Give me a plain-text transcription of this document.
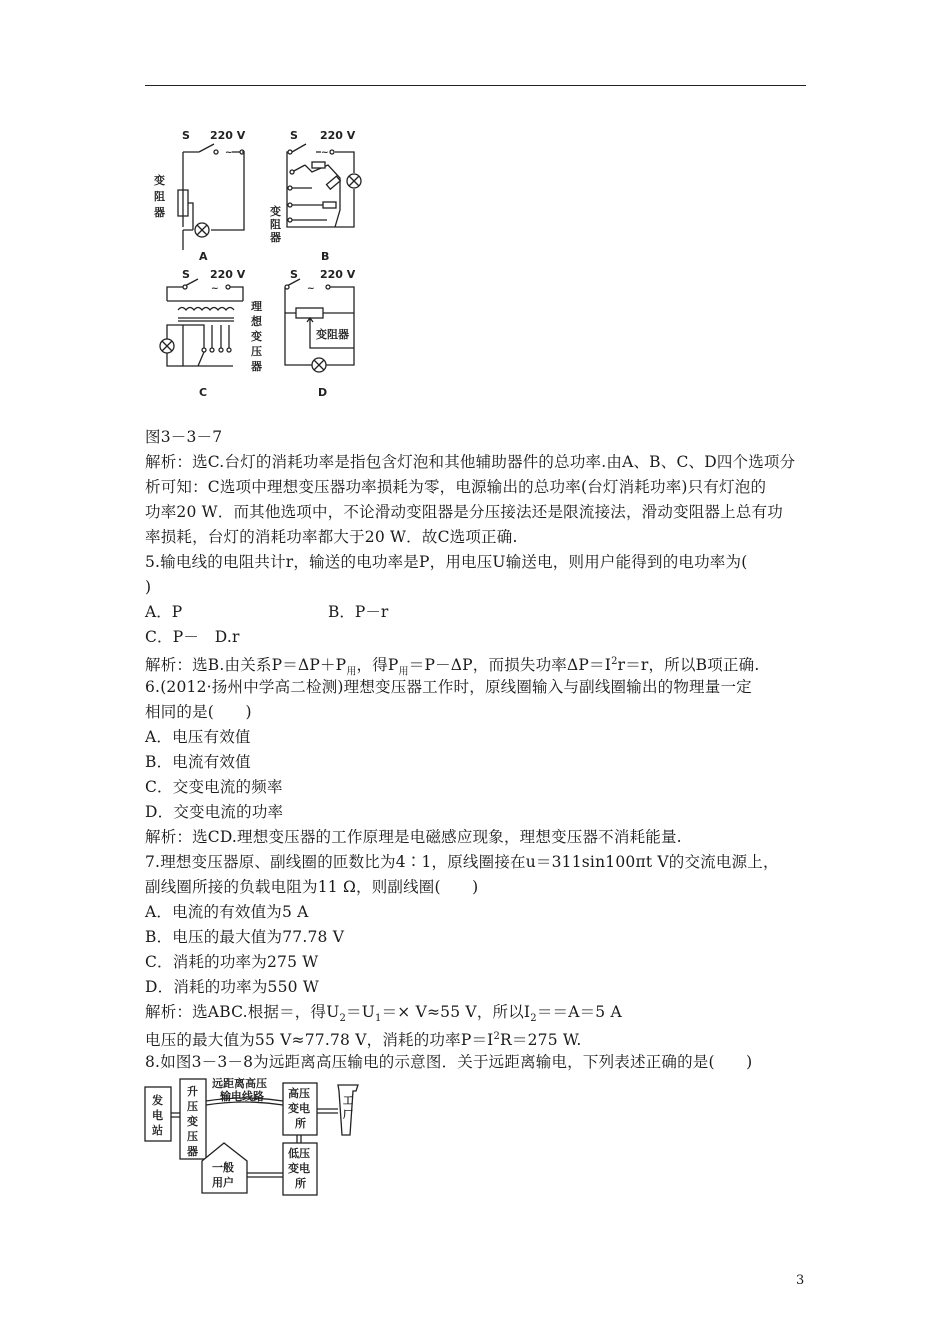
S 220 V
~
变
阻
器
A
S 220 V
~
变
阻
器
B
S 220 V
~
理
想
变
压
器
C
S 220 V
~
变阻器
D
图3－3－7
解析：选C.台灯的消耗功率是指包含灯泡和其他辅助器件的总功率.由A、B、C、D四个选项分
析可知：C选项中理想变压器功率损耗为零，电源输出的总功率(台灯消耗功率)只有灯泡的
功率20 W．而其他选项中，不论滑动变阻器是分压接法还是限流接法，滑动变阻器上总有功
率损耗，台灯的消耗功率都大于20 W．故C选项正确.
5.输电线的电阻共计r，输送的电功率是P，用电压U输送电，则用户能得到的电功率为(
)
A．P	B．P－r
C．P－　D.r
解析：选B.由关系$P=\Delta P+P_用$，得$P_用=P-\Delta P$，而损失功率$\Delta P=I^2r=r$，所以B项正确.
6.(2012·扬州中学高二检测)理想变压器工作时，原线圈输入与副线圈输出的物理量一定
相同的是(　　)
A．电压有效值
B．电流有效值
C．交变电流的频率
D．交变电流的功率
解析：选CD.理想变压器的工作原理是电磁感应现象，理想变压器不消耗能量.
7.理想变压器原、副线圈的匝数比为4∶1，原线圈接在u＝311sin100πt V的交流电源上，
副线圈所接的负载电阻为11 Ω，则副线圈(　　)
A．电流的有效值为5 A
B．电压的最大值为77.78 V
C．消耗的功率为275 W
D．消耗的功率为550 W
解析：选ABC.根据＝，得$U_2=U_1=\times V\approx 55$ V，所以$I_2==A=5$ A
电压的最大值为55 V≈77.78 V，消耗的功率$P=I^2R=275$ W.
8.如图3－3－8为远距离高压输电的示意图．关于远距离输电，下列表述正确的是(　　)
发
电
站
升
压
变
压
器
远距离高压
输电线路 高压
变电
所
工
厂
低压
变电
所
一般
用户
3
